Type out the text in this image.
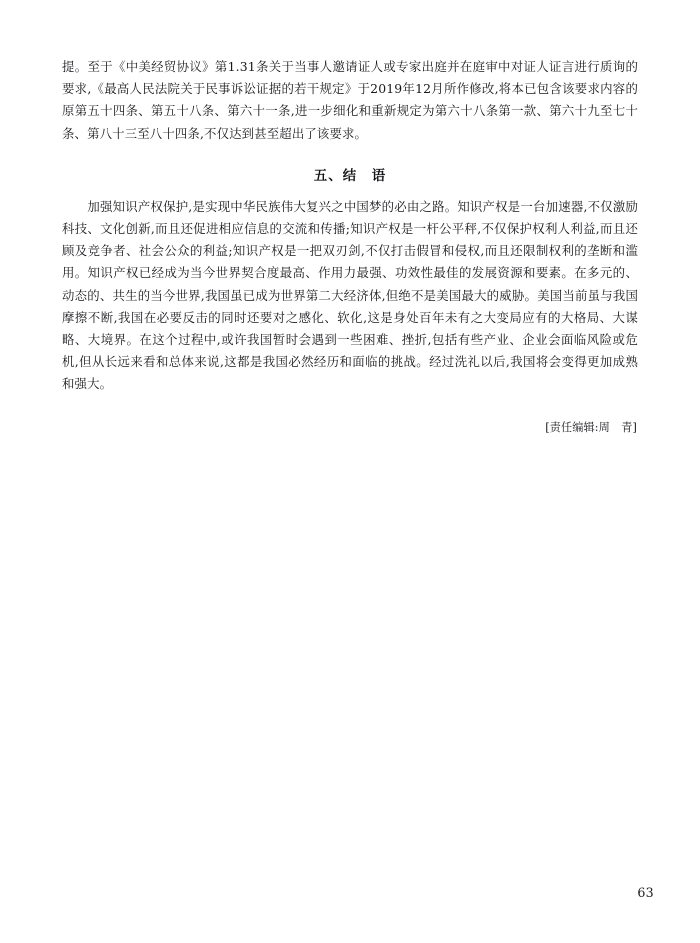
提。至于《中美经贸协议》第1.31条关于当事人邀请证人或专家出庭并在庭审中对证人证言进行质询的要求,《最高人民法院关于民事诉讼证据的若干规定》于2019年12月所作修改,将本已包含该要求内容的原第五十四条、第五十八条、第六十一条,进一步细化和重新规定为第六十八条第一款、第六十九至七十条、第八十三至八十四条,不仅达到甚至超出了该要求。

五、结　语

加强知识产权保护,是实现中华民族伟大复兴之中国梦的必由之路。知识产权是一台加速器,不仅激励科技、文化创新,而且还促进相应信息的交流和传播;知识产权是一杆公平秤,不仅保护权利人利益,而且还顾及竞争者、社会公众的利益;知识产权是一把双刃剑,不仅打击假冒和侵权,而且还限制权利的垄断和滥用。知识产权已经成为当今世界契合度最高、作用力最强、功效性最佳的发展资源和要素。在多元的、动态的、共生的当今世界,我国虽已成为世界第二大经济体,但绝不是美国最大的威胁。美国当前虽与我国摩擦不断,我国在必要反击的同时还要对之感化、软化,这是身处百年未有之大变局应有的大格局、大谋略、大境界。在这个过程中,或许我国暂时会遇到一些困难、挫折,包括有些产业、企业会面临风险或危机,但从长远来看和总体来说,这都是我国必然经历和面临的挑战。经过洗礼以后,我国将会变得更加成熟和强大。

[责任编辑:周　青]
63
